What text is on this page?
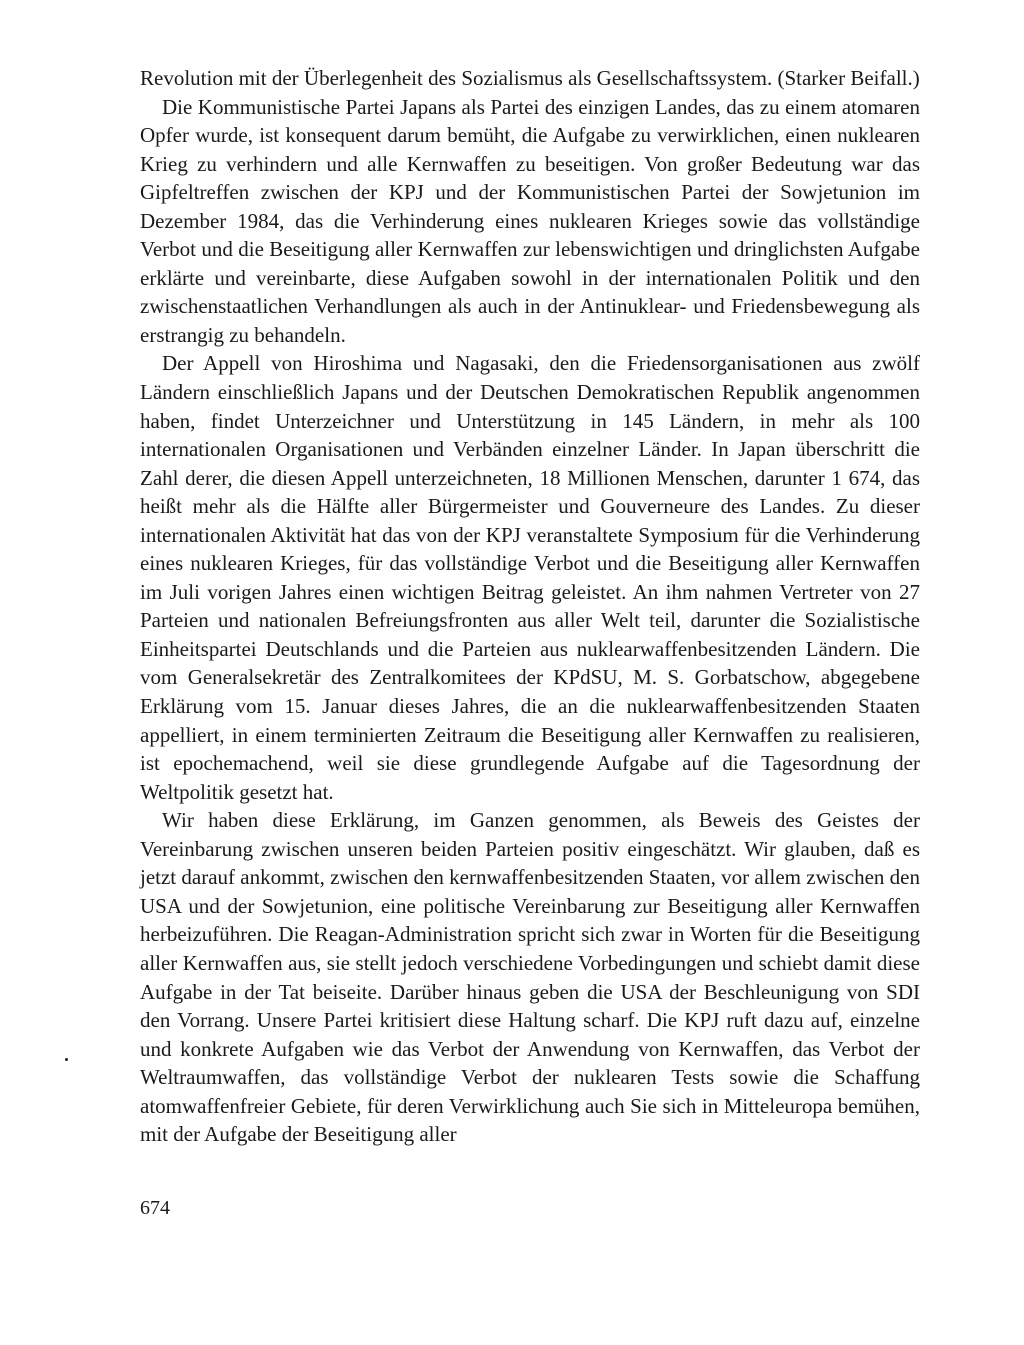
Revolution mit der Überlegenheit des Sozialismus als Gesellschaftssystem. (Starker Beifall.)

Die Kommunistische Partei Japans als Partei des einzigen Landes, das zu einem atomaren Opfer wurde, ist konsequent darum bemüht, die Aufgabe zu verwirklichen, einen nuklearen Krieg zu verhindern und alle Kernwaffen zu beseitigen. Von großer Bedeutung war das Gipfeltreffen zwischen der KPJ und der Kommunistischen Partei der Sowjetunion im Dezember 1984, das die Verhinderung eines nuklearen Krieges sowie das vollständige Verbot und die Beseitigung aller Kernwaffen zur lebenswichtigen und dringlichsten Aufgabe erklärte und vereinbarte, diese Aufgaben sowohl in der internationalen Politik und den zwischenstaatlichen Verhandlungen als auch in der Antinuklear- und Friedensbewegung als erstrangig zu behandeln.

Der Appell von Hiroshima und Nagasaki, den die Friedensorganisationen aus zwölf Ländern einschließlich Japans und der Deutschen Demokratischen Republik angenommen haben, findet Unterzeichner und Unterstützung in 145 Ländern, in mehr als 100 internationalen Organisationen und Verbänden einzelner Länder. In Japan überschritt die Zahl derer, die diesen Appell unterzeichneten, 18 Millionen Menschen, darunter 1 674, das heißt mehr als die Hälfte aller Bürgermeister und Gouverneure des Landes. Zu dieser internationalen Aktivität hat das von der KPJ veranstaltete Symposium für die Verhinderung eines nuklearen Krieges, für das vollständige Verbot und die Beseitigung aller Kernwaffen im Juli vorigen Jahres einen wichtigen Beitrag geleistet. An ihm nahmen Vertreter von 27 Parteien und nationalen Befreiungsfronten aus aller Welt teil, darunter die Sozialistische Einheitspartei Deutschlands und die Parteien aus nuklearwaffenbesitzenden Ländern. Die vom Generalsekretär des Zentralkomitees der KPdSU, M. S. Gorbatschow, abgegebene Erklärung vom 15. Januar dieses Jahres, die an die nuklearwaffenbesitzenden Staaten appelliert, in einem terminierten Zeitraum die Beseitigung aller Kernwaffen zu realisieren, ist epochemachend, weil sie diese grundlegende Aufgabe auf die Tagesordnung der Weltpolitik gesetzt hat.

Wir haben diese Erklärung, im Ganzen genommen, als Beweis des Geistes der Vereinbarung zwischen unseren beiden Parteien positiv eingeschätzt. Wir glauben, daß es jetzt darauf ankommt, zwischen den kernwaffenbesitzenden Staaten, vor allem zwischen den USA und der Sowjetunion, eine politische Vereinbarung zur Beseitigung aller Kernwaffen herbeizuführen. Die Reagan-Administration spricht sich zwar in Worten für die Beseitigung aller Kernwaffen aus, sie stellt jedoch verschiedene Vorbedingungen und schiebt damit diese Aufgabe in der Tat beiseite. Darüber hinaus geben die USA der Beschleunigung von SDI den Vorrang. Unsere Partei kritisiert diese Haltung scharf. Die KPJ ruft dazu auf, einzelne und konkrete Aufgaben wie das Verbot der Anwendung von Kernwaffen, das Verbot der Weltraumwaffen, das vollständige Verbot der nuklearen Tests sowie die Schaffung atomwaffenfreier Gebiete, für deren Verwirklichung auch Sie sich in Mitteleuropa bemühen, mit der Aufgabe der Beseitigung aller

674
